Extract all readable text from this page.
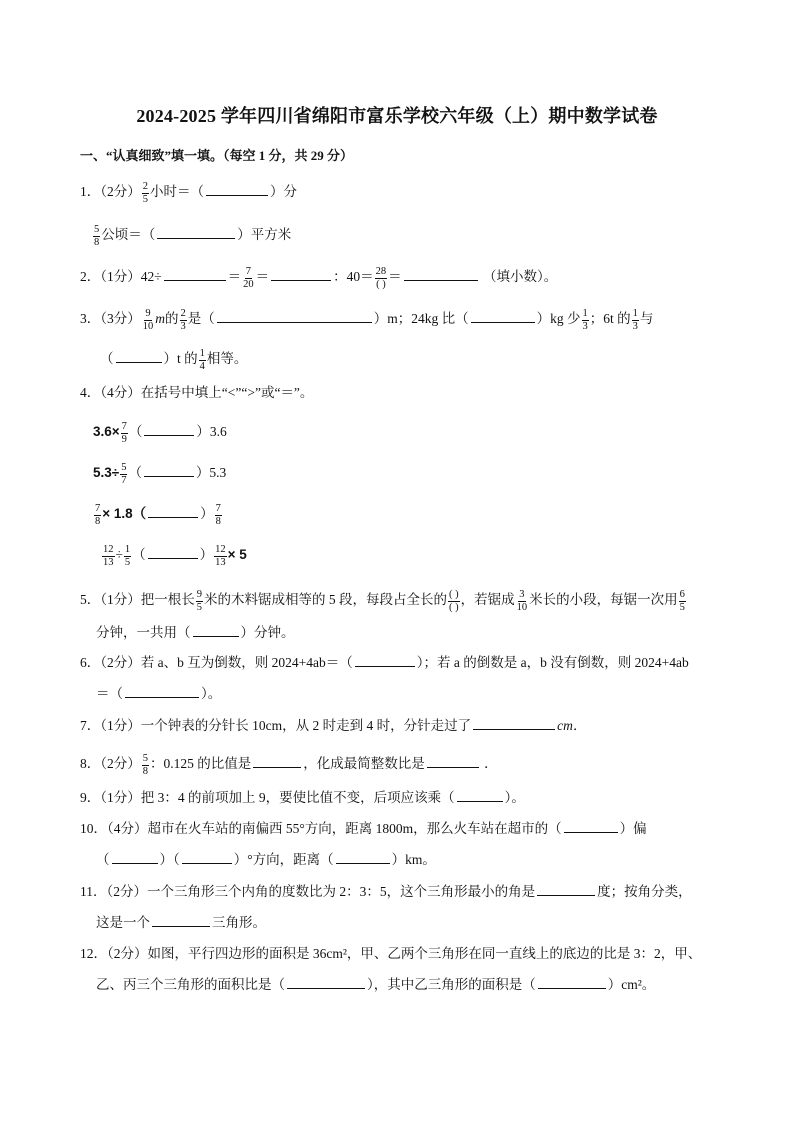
2024-2025 学年四川省绵阳市富乐学校六年级（上）期中数学试卷
一、“认真细致”填一填。（每空 1 分，共 29 分）
1．（2分） $\frac{2}{5}$ 小时＝（	）分
$\frac{5}{8}$ 公顷＝（	）平方米
2．（1分）42÷	＝ $\frac{7}{20}$ ＝	：40＝ 28
( ) ＝	（填小数）。
3．（3分） $\frac{9}{10}$ m的 $\frac{2}{3}$ 是（	）m；24kg 比（	）kg 少 $\frac{1}{3}$ ；6t 的 $\frac{1}{3}$ 与
（	）t 的 $\frac{1}{4}$ 相等。
4．（4分）在括号中填上“<”“>”或“＝”。
$3.6\times \frac{7}{9}$ （	）3.6
$5.3\div \frac{5}{7}$ （	）5.3
$\frac{7}{8} \times 1.8$（	） $\frac{7}{8}$
$\frac{12}{13} \div \frac{1}{5}$ （	） $\frac{12}{13} \times 5$
5．（1分）把一根长 $\frac{9}{5}$ 米的木料锯成相等的 5 段，每段占全长的 ( )
( ) ，若锯成 $\frac{3}{10}$ 米长的小段，每锯一次用 $\frac{6}{5}$
分钟，一共用（	）分钟。
6．（2分）若 a、b 互为倒数，则 2024+4ab＝（	）；若 a 的倒数是 a，b 没有倒数，则 2024+4ab
＝（	）。
7．（1分）一个钟表的分针长 10cm，从 2 时走到 4 时，分针走过了	cm．
8．（2分） $\frac{5}{8}$ ：0.125 的比值是	，化成最简整数比是	．
9．（1分）把 3：4 的前项加上 9，要使比值不变，后项应该乘（	）。
10．（4分）超市在火车站的南偏西 55°方向，距离 1800m，那么火车站在超市的（	）偏
（	）（	）°方向，距离（	）km。
11．（2分）一个三角形三个内角的度数比为 2：3：5，这个三角形最小的角是	度；按角分类，
这是一个	三角形。
12．（2分）如图，平行四边形的面积是 36cm²，甲、乙两个三角形在同一直线上的底边的比是 3：2，甲、
乙、丙三个三角形的面积比是（	），其中乙三角形的面积是（	）cm²。
